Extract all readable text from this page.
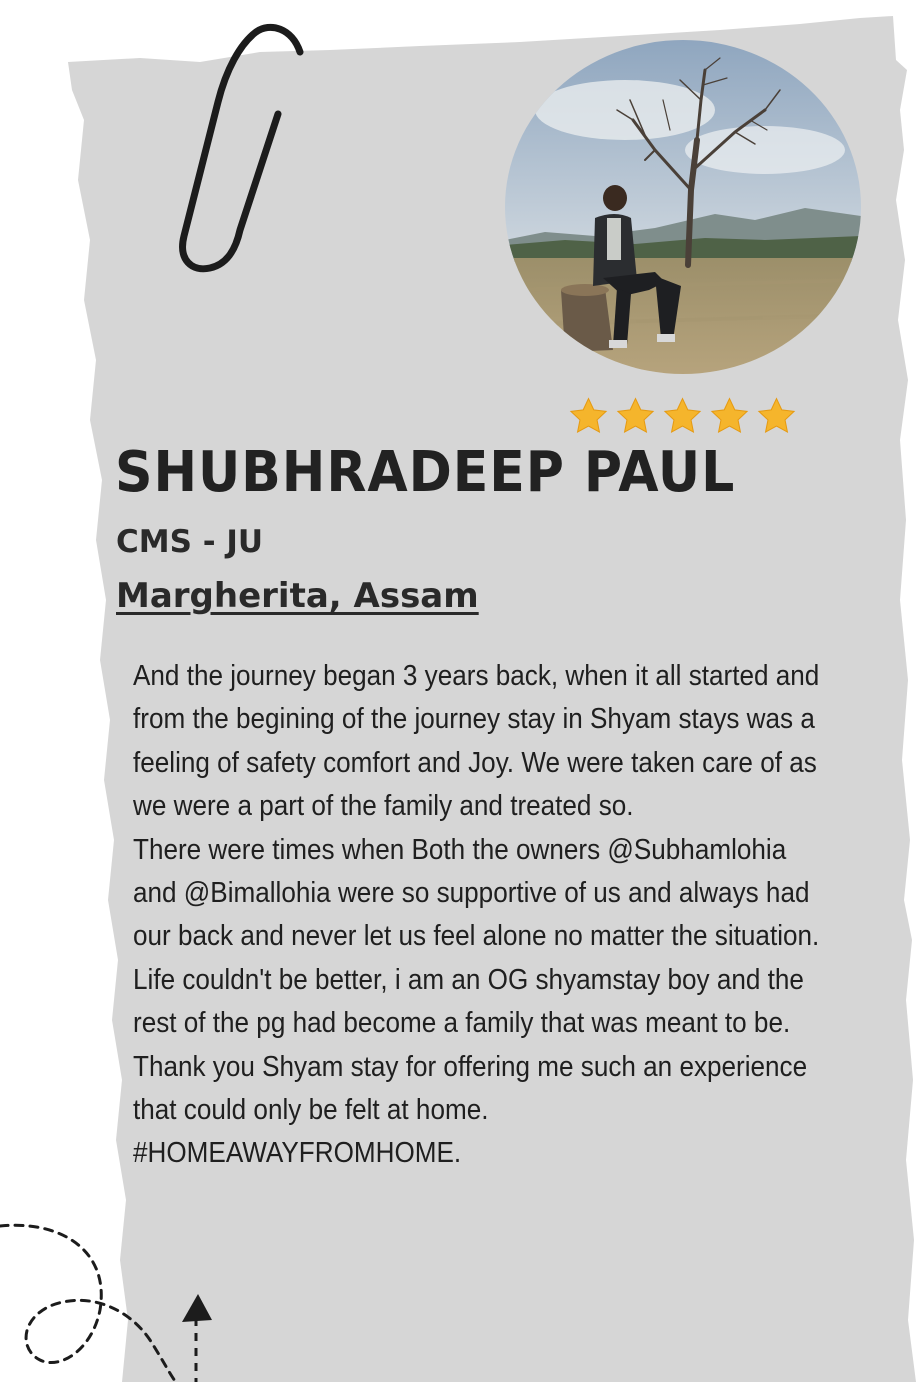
SHUBHRADEEP PAUL
CMS - JU
Margherita, Assam

And the journey began 3 years back, when it all started and from the begining of the journey stay in Shyam stays was a feeling of safety comfort and Joy. We were taken care of as we were a part of the family and treated so.

There were times when Both the owners @Subhamlohia and @Bimallohia were so supportive of us and always had our back and never let us feel alone no matter the situation.

Life couldn't be better, i am an OG shyamstay boy and the rest of the pg had become a family that was meant to be. Thank you Shyam stay for offering me such an experience that could only be felt at home.

#HOMEAWAYFROMHOME.
